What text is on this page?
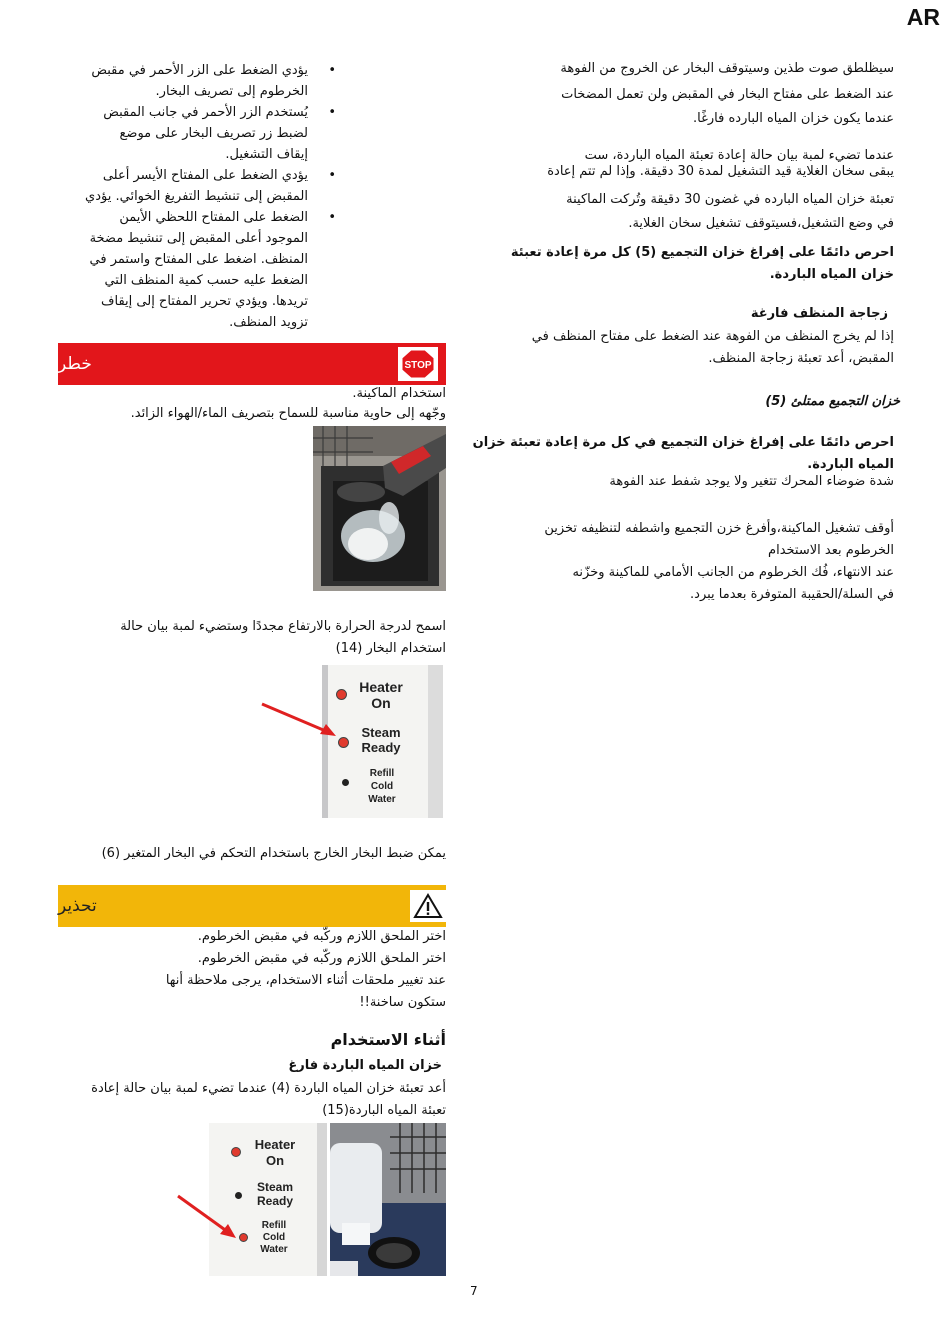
AR
سيظلطق صوت طذين وسيتوقف البخار عن الخروج من الفوهة
عند الضغط على مفتاح البخار في المقبض ولن تعمل المضخات
عندما يكون خزان المياه البارده فارغًا.
عندما تضيء لمبة بيان حالة إعادة تعبئة المياه الباردة، ست
يبقى سخان الغلاية قيد التشغيل لمدة 30 دقيقة. وإذا لم تتم إعادة
تعبئة خزان المياه البارده في غضون 30 دقيقة وتُركت الماكينة
في وضع التشغيل،فسيتوقف تشغيل سخان الغلاية.
احرص دائمًا على إفراغ خزان التجميع (5) كل مرة إعادة تعبئة
خزان المياه الباردة.
زجاجة المنظف فارغة
إذا لم يخرج المنظف من الفوهة عند الضغط على مفتاح المنظف في
المقبض، أعد تعبئة زجاجة المنظف.
خزان التجميع ممتلئ (5)
احرص دائمًا على إفراغ خزان التجميع في كل مرة إعادة تعبئة خزان
المياه الباردة.
شدة ضوضاء المحرك تتغير ولا يوجد شفط عند الفوهة
أوقف تشغيل الماكينة،وأفرغ خزن التجميع واشطفه لتنظيفه تخزين
الخرطوم بعد الاستخدام
عند الانتهاء، فُك الخرطوم من الجانب الأمامي للماكينة وخزّنه
في السلة/الحقيبة المتوفرة بعدما يبرد.
• يؤدي الضغط على الزر الأحمر في مقبض
الخرطوم إلى تصريف البخار.
• يُستخدم الزر الأحمر في جانب المقبض
لضبط زر تصريف البخار على موضع
إيقاف التشغيل.
• يؤدي الضغط على المفتاح الأيسر أعلى
المقبض إلى تنشيط التفريغ الخوائي. يؤدي
• الضغط على المفتاح اللحظي الأيمن
الموجود أعلى المقبض إلى تنشيط مضخة
المنظف. اضغط على المفتاح واستمر في
الضغط عليه حسب كمية المنظف التي
تريدها. ويؤدي تحرير المفتاح إلى إيقاف
تزويد المنظف.
خطر	STOP
استخدام الماكينة.
وجّهه إلى حاوية مناسبة للسماح بتصريف الماء/الهواء الزائد.
اسمح لدرجة الحرارة بالارتفاع مجددًا وستضيء لمبة بيان حالة
استخدام البخار (14)
Heater
On
Steam
Ready
Refill
Cold
Water
يمكن ضبط البخار الخارج باستخدام التحكم في البخار المتغير (6)
تحذير
اختر الملحق اللازم وركّبه في مقبض الخرطوم.
اختر الملحق اللازم وركّبه في مقبض الخرطوم.
عند تغيير ملحقات أثناء الاستخدام، يرجى ملاحظة أنها
ستكون ساخنة!!
أثناء الاستخدام
خزان المياه الباردة فارغ
أعد تعبئة خزان المياه الباردة (4) عندما تضيء لمبة بيان حالة إعادة
تعبئة المياه الباردة(15)
Heater
On
Steam
Ready
Refill
Cold
Water
7
